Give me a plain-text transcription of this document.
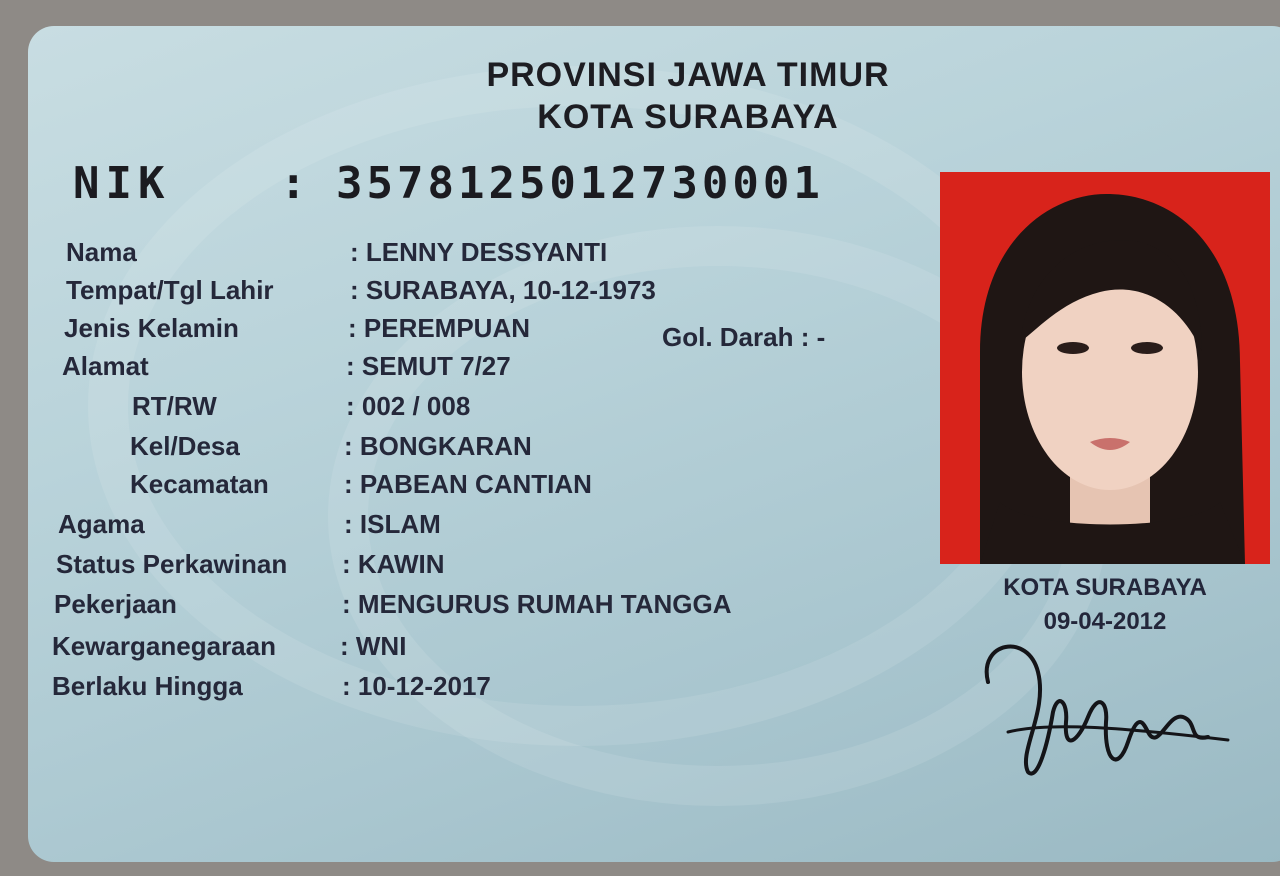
PROVINSI JAWA TIMUR
KOTA SURABAYA
NIK : 3578125012730001
Nama	: LENNY DESSYANTI
Tempat/Tgl Lahir	: SURABAYA, 10-12-1973
Jenis Kelamin	: PEREMPUAN	Gol. Darah : -
Alamat	: SEMUT 7/27
RT/RW	: 002 / 008
Kel/Desa	: BONGKARAN
Kecamatan	: PABEAN CANTIAN
Agama	: ISLAM
Status Perkawinan : KAWIN
Pekerjaan	: MENGURUS RUMAH TANGGA
Kewarganegaraan : WNI
Berlaku Hingga	: 10-12-2017
KOTA SURABAYA
09-04-2012
